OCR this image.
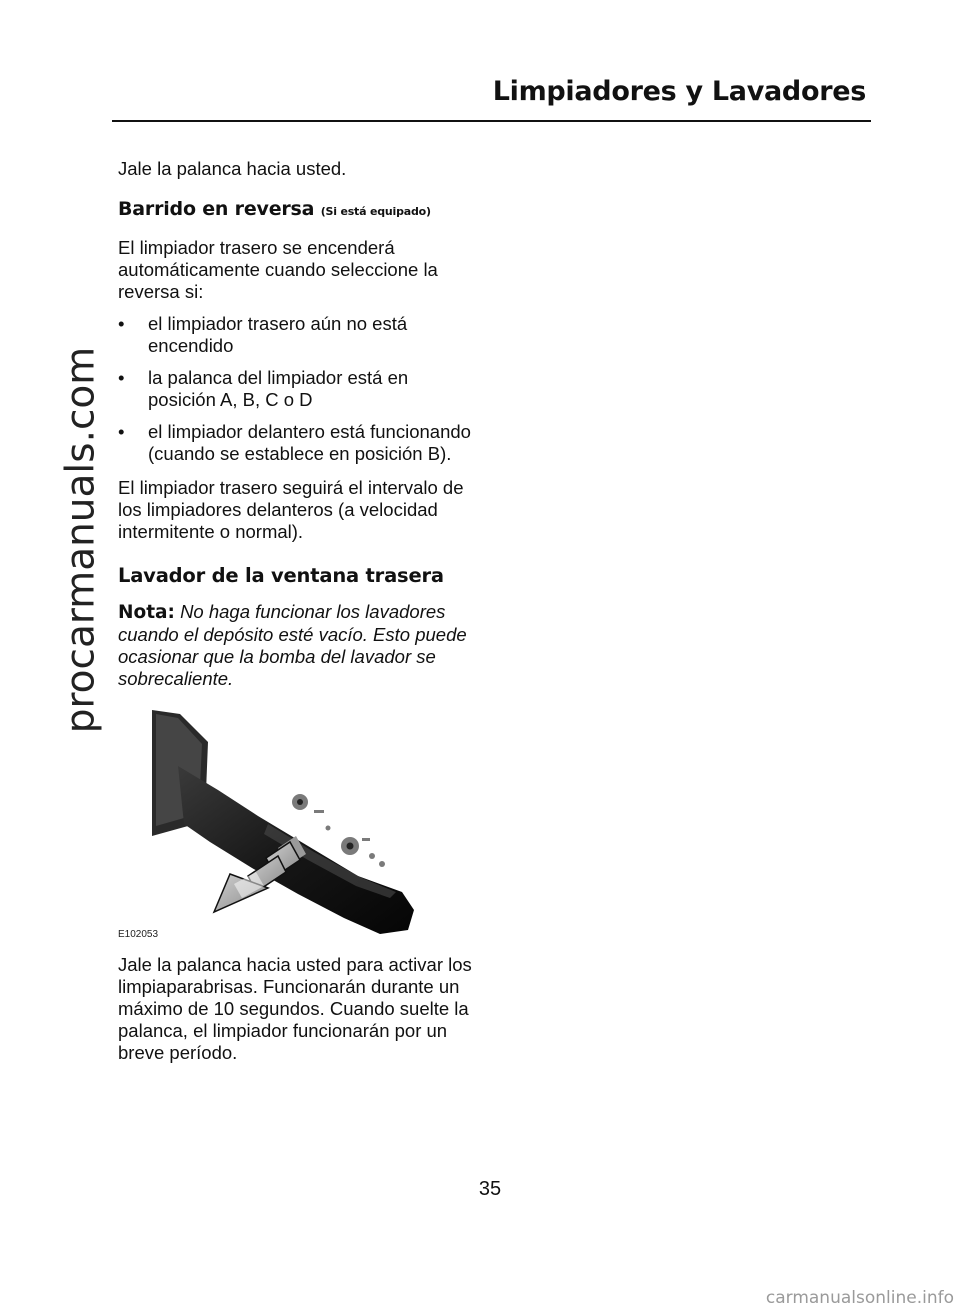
Limpiadores y Lavadores
procarmanuals.com

Jale la palanca hacia usted.

Barrido en reversa (Si está equipado)

El limpiador trasero se encenderá automáticamente cuando seleccione la reversa si:

• el limpiador trasero aún no está encendido
• la palanca del limpiador está en posición A, B, C o D
• el limpiador delantero está funcionando (cuando se establece en posición B).

El limpiador trasero seguirá el intervalo de los limpiadores delanteros (a velocidad intermitente o normal).

Lavador de la ventana trasera

Nota: No haga funcionar los lavadores cuando el depósito esté vacío. Esto puede ocasionar que la bomba del lavador se sobrecaliente.

E102053

Jale la palanca hacia usted para activar los limpiaparabrisas. Funcionarán durante un máximo de 10 segundos. Cuando suelte la palanca, el limpiador funcionarán por un breve período.

35
carmanualsonline.info
